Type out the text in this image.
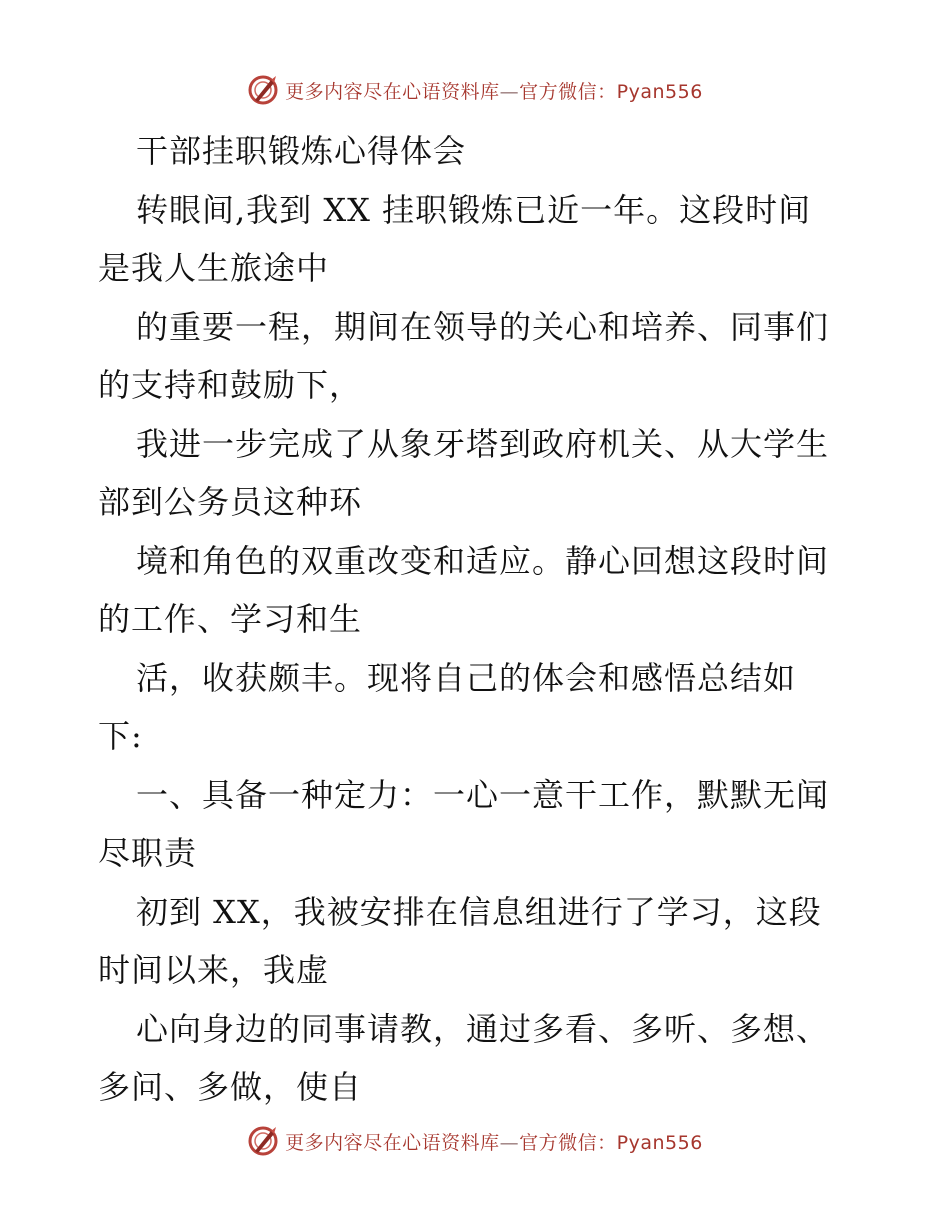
更多内容尽在心语资料库—官方微信：Pyan556
干部挂职锻炼心得体会
转眼间,我到 XX 挂职锻炼已近一年。这段时间
是我人生旅途中
的重要一程，期间在领导的关心和培养、同事们
的支持和鼓励下，
我进一步完成了从象牙塔到政府机关、从大学生
部到公务员这种环
境和角色的双重改变和适应。静心回想这段时间
的工作、学习和生
活，收获颇丰。现将自己的体会和感悟总结如
下:
一、具备一种定力：一心一意干工作，默默无闻
尽职责
初到 XX，我被安排在信息组进行了学习，这段
时间以来，我虚
心向身边的同事请教，通过多看、多听、多想、
多问、多做，使自
更多内容尽在心语资料库—官方微信：Pyan556
